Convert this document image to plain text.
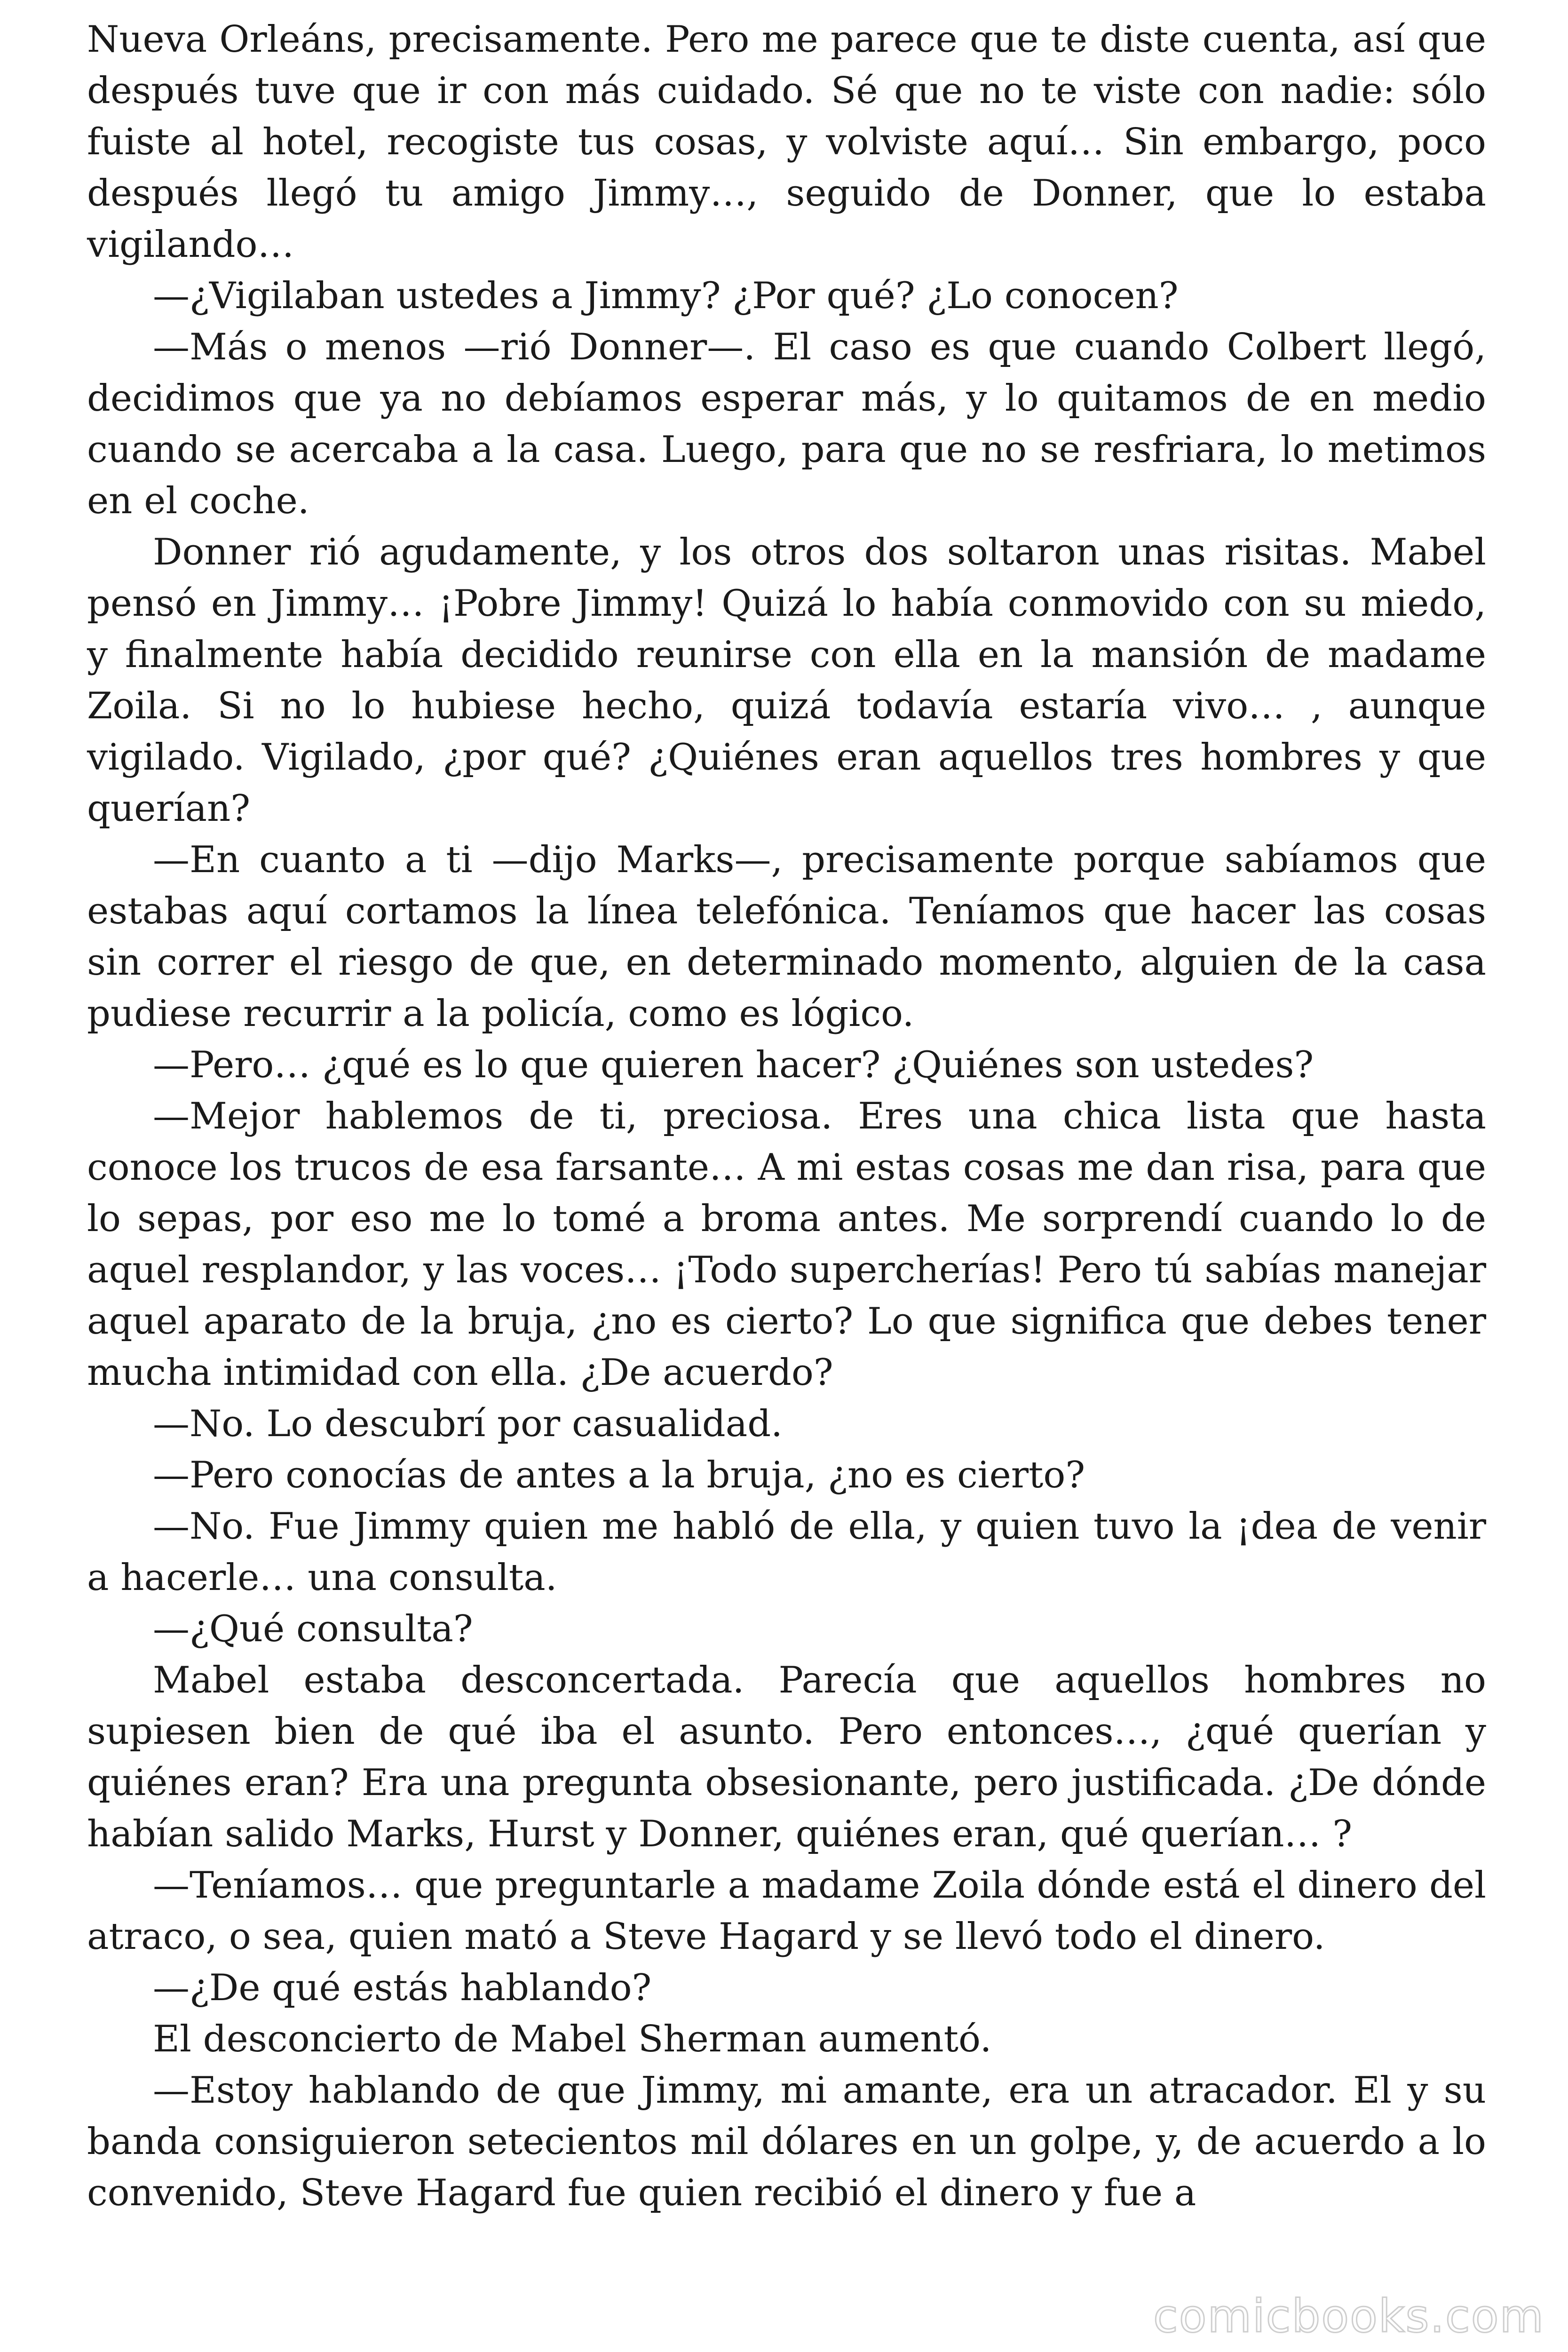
Nueva Orleáns, precisamente. Pero me parece que te diste cuenta, así que después tuve que ir con más cuidado. Sé que no te viste con nadie: sólo fuiste al hotel, recogiste tus cosas, y volviste aquí… Sin embargo, poco después llegó tu amigo Jimmy…, seguido de Donner, que lo estaba vigilando…

—¿Vigilaban ustedes a Jimmy? ¿Por qué? ¿Lo conocen?

—Más o menos —rió Donner—. El caso es que cuando Colbert llegó, decidimos que ya no debíamos esperar más, y lo quitamos de en medio cuando se acercaba a la casa. Luego, para que no se resfriara, lo metimos en el coche.

Donner rió agudamente, y los otros dos soltaron unas risitas. Mabel pensó en Jimmy… ¡Pobre Jimmy! Quizá lo había conmovido con su miedo, y finalmente había decidido reunirse con ella en la mansión de madame Zoila. Si no lo hubiese hecho, quizá todavía estaría vivo… , aunque vigilado. Vigilado, ¿por qué? ¿Quiénes eran aquellos tres hombres y que querían?

—En cuanto a ti —dijo Marks—, precisamente porque sabíamos que estabas aquí cortamos la línea telefónica. Teníamos que hacer las cosas sin correr el riesgo de que, en determinado momento, alguien de la casa pudiese recurrir a la policía, como es lógico.

—Pero… ¿qué es lo que quieren hacer? ¿Quiénes son ustedes?

—Mejor hablemos de ti, preciosa. Eres una chica lista que hasta conoce los trucos de esa farsante… A mi estas cosas me dan risa, para que lo sepas, por eso me lo tomé a broma antes. Me sorprendí cuando lo de aquel resplandor, y las voces… ¡Todo supercherías! Pero tú sabías manejar aquel aparato de la bruja, ¿no es cierto? Lo que significa que debes tener mucha intimidad con ella. ¿De acuerdo?

—No. Lo descubrí por casualidad.

—Pero conocías de antes a la bruja, ¿no es cierto?

—No. Fue Jimmy quien me habló de ella, y quien tuvo la ¡dea de venir a hacerle… una consulta.

—¿Qué consulta?

Mabel estaba desconcertada. Parecía que aquellos hombres no supiesen bien de qué iba el asunto. Pero entonces…, ¿qué querían y quiénes eran? Era una pregunta obsesionante, pero justificada. ¿De dónde habían salido Marks, Hurst y Donner, quiénes eran, qué querían… ?

—Teníamos… que preguntarle a madame Zoila dónde está el dinero del atraco, o sea, quien mató a Steve Hagard y se llevó todo el dinero.

—¿De qué estás hablando?

El desconcierto de Mabel Sherman aumentó.

—Estoy hablando de que Jimmy, mi amante, era un atracador. El y su banda consiguieron setecientos mil dólares en un golpe, y, de acuerdo a lo convenido, Steve Hagard fue quien recibió el dinero y fue a

comicbooks.com
